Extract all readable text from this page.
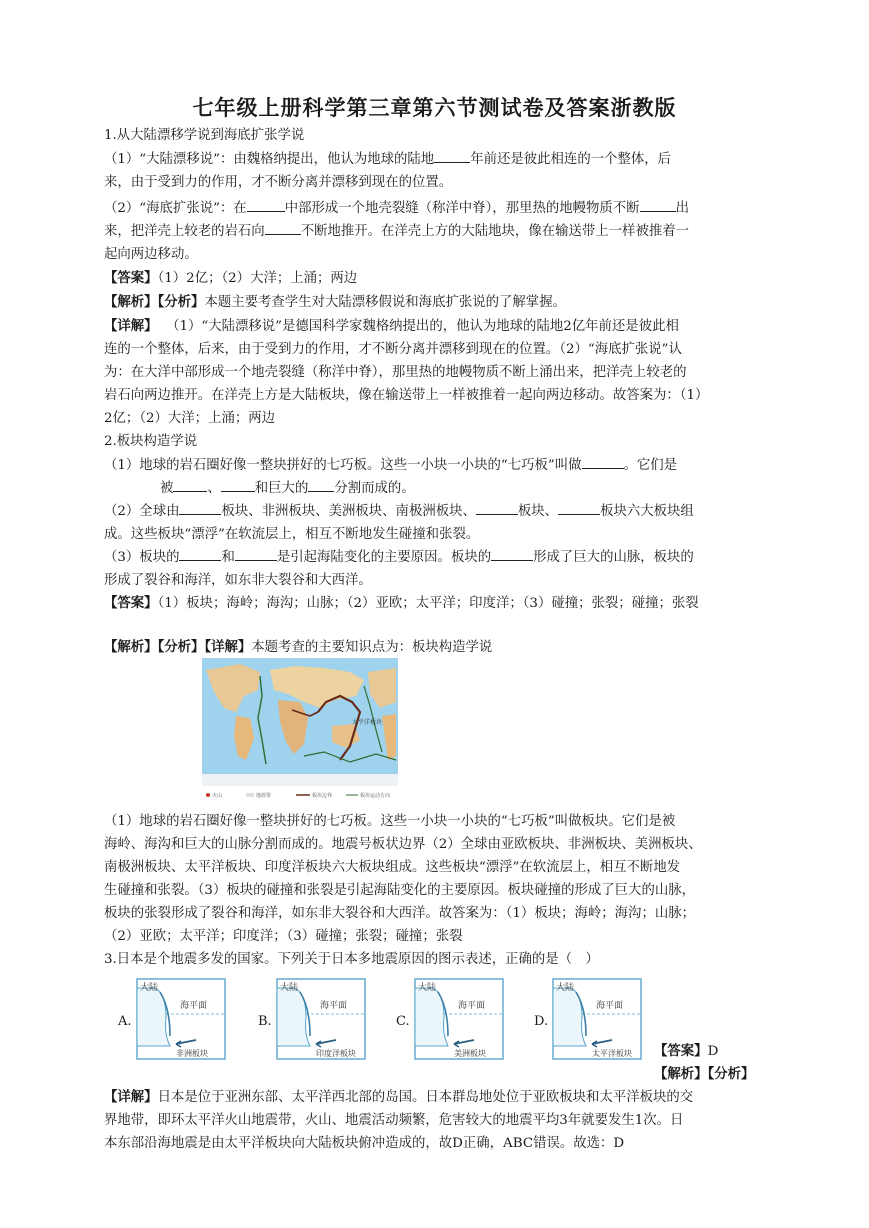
七年级上册科学第三章第六节测试卷及答案浙教版
1.从大陆漂移学说到海底扩张学说
（1）“大陆漂移说”：由魏格纳提出，他认为地球的陆地	年前还是彼此相连的一个整体，后
来，由于受到力的作用，才不断分离并漂移到现在的位置。
（2）“海底扩张说”：在	中部形成一个地壳裂缝（称洋中脊），那里热的地幔物质不断	出
来，把洋壳上较老的岩石向	不断地推开。在洋壳上方的大陆地块，像在输送带上一样被推着一
起向两边移动。
【答案】（1）2亿；（2）大洋；上涌；两边
【解析】【分析】本题主要考查学生对大陆漂移假说和海底扩张说的了解掌握。
【详解】 （1）“大陆漂移说”是德国科学家魏格纳提出的，他认为地球的陆地2亿年前还是彼此相
连的一个整体，后来，由于受到力的作用，才不断分离并漂移到现在的位置。（2）“海底扩张说”认
为：在大洋中部形成一个地壳裂缝（称洋中脊），那里热的地幔物质不断上涌出来，把洋壳上较老的
岩石向两边推开。在洋壳上方是大陆板块，像在输送带上一样被推着一起向两边移动。故答案为：（1）
2亿；（2）大洋；上涌；两边
2.板块构造学说
（1）地球的岩石圈好像一整块拼好的七巧板。这些一小块一小块的“七巧板”叫做	。它们是
被	、	和巨大的 分割而成的。
（2）全球由	板块、非洲板块、美洲板块、南极洲板块、	板块、	板块六大板块组
成。这些板块“漂浮”在软流层上，相互不断地发生碰撞和张裂。
（3）板块的	和	是引起海陆变化的主要原因。板块的	形成了巨大的山脉，板块的
形成了裂谷和海洋，如东非大裂谷和大西洋。
【答案】（1）板块；海岭；海沟；山脉；（2）亚欧；太平洋；印度洋；（3）碰撞；张裂；碰撞；张裂
【解析】【分析】【详解】本题考查的主要知识点为：板块构造学说
太平洋板块
火山	地震带	板块边界	板块运动方向
（1）地球的岩石圈好像一整块拼好的七巧板。这些一小块一小块的“七巧板”叫做板块。它们是被
海岭、海沟和巨大的山脉分割而成的。地震号板状边界（2）全球由亚欧板块、非洲板块、美洲板块、
南极洲板块、太平洋板块、印度洋板块六大板块组成。这些板块“漂浮”在软流层上，相互不断地发
生碰撞和张裂。（3）板块的碰撞和张裂是引起海陆变化的主要原因。板块碰撞的形成了巨大的山脉，
板块的张裂形成了裂谷和海洋，如东非大裂谷和大西洋。故答案为：（1）板块；海岭；海沟；山脉；
（2）亚欧；太平洋；印度洋；（3）碰撞；张裂；碰撞；张裂
3.日本是个地震多发的国家。下列关于日本多地震原因的图示表述，正确的是（　）
A.
大陆
海平面
非洲板块
B.
大陆
海平面
印度洋板块
C.
大陆
海平面
美洲板块
D.
大陆
海平面
太平洋板块 【答案】D
【解析】【分析】
【详解】日本是位于亚洲东部、太平洋西北部的岛国。日本群岛地处位于亚欧板块和太平洋板块的交
界地带，即环太平洋火山地震带，火山、地震活动频繁，危害较大的地震平均3年就要发生1次。日
本东部沿海地震是由太平洋板块向大陆板块俯冲造成的，故D正确，ABC错误。故选：D
